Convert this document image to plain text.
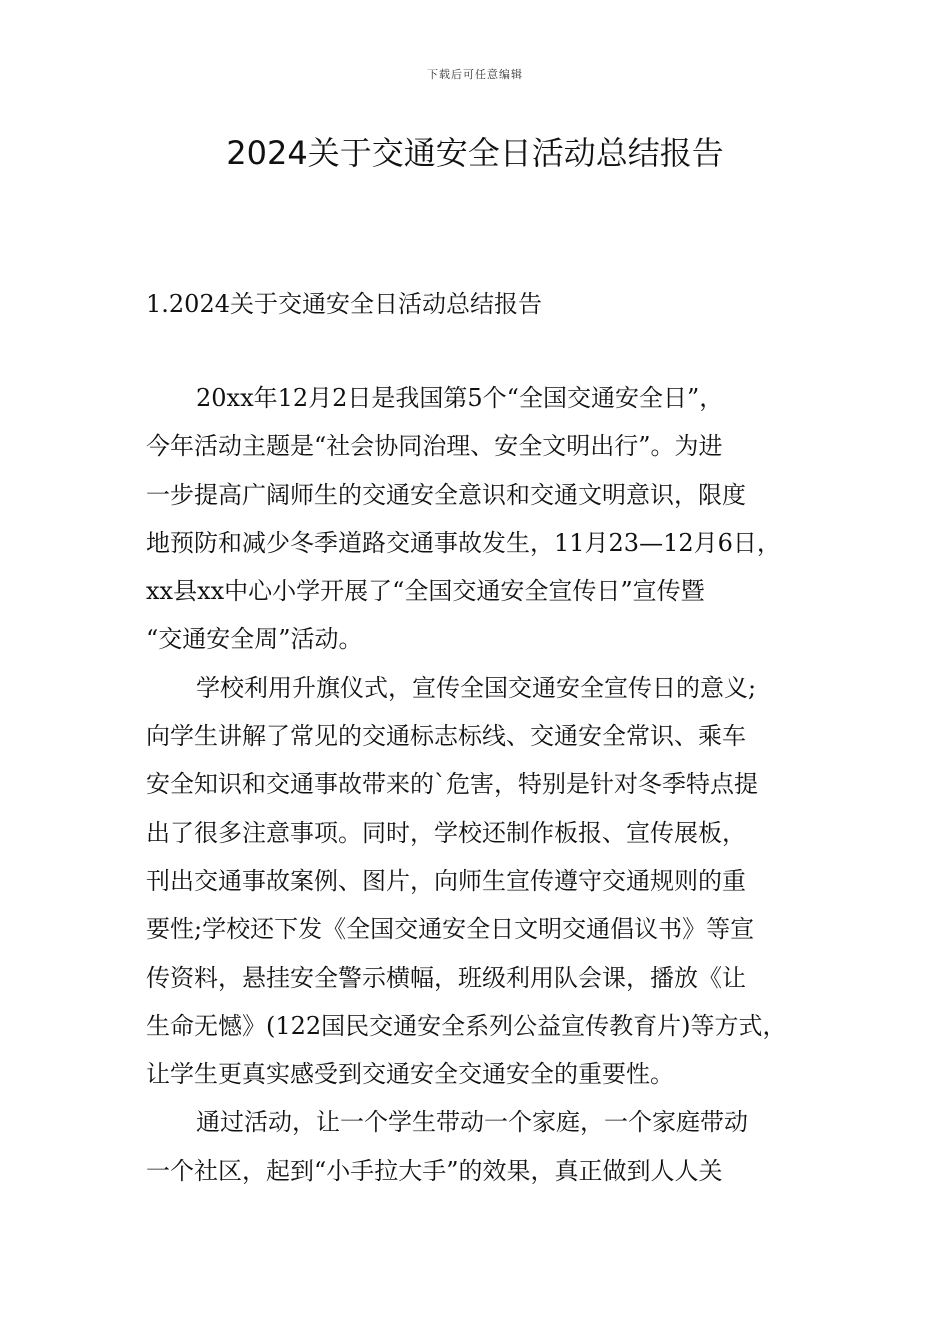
下载后可任意编辑
2024关于交通安全日活动总结报告
1.2024关于交通安全日活动总结报告
20xx年12月2日是我国第5个“全国交通安全日”，
今年活动主题是“社会协同治理、安全文明出行”。为进
一步提高广阔师生的交通安全意识和交通文明意识，限度
地预防和减少冬季道路交通事故发生，11月23—12月6日，
xx县xx中心小学开展了“全国交通安全宣传日”宣传暨
“交通安全周”活动。
学校利用升旗仪式，宣传全国交通安全宣传日的意义;
向学生讲解了常见的交通标志标线、交通安全常识、乘车
安全知识和交通事故带来的`危害，特别是针对冬季特点提
出了很多注意事项。同时，学校还制作板报、宣传展板，
刊出交通事故案例、图片，向师生宣传遵守交通规则的重
要性;学校还下发《全国交通安全日文明交通倡议书》等宣
传资料，悬挂安全警示横幅，班级利用队会课，播放《让
生命无憾》(122国民交通安全系列公益宣传教育片)等方式，
让学生更真实感受到交通安全交通安全的重要性。
通过活动，让一个学生带动一个家庭，一个家庭带动
一个社区，起到“小手拉大手”的效果，真正做到人人关
